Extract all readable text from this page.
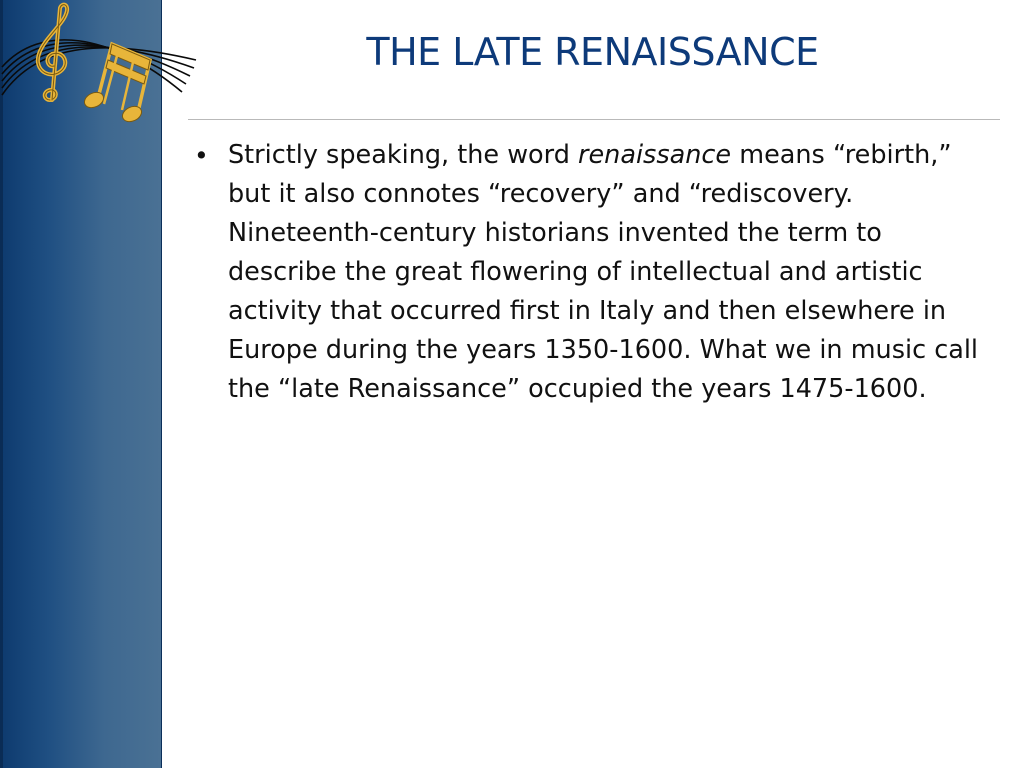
THE LATE RENAISSANCE
• Strictly speaking, the word renaissance means “rebirth,” but it also connotes “recovery” and “rediscovery. Nineteenth-century historians invented the term to describe the great flowering of intellectual and artistic activity that occurred first in Italy and then elsewhere in Europe during the years 1350-1600. What we in music call the “late Renaissance” occupied the years 1475-1600.
